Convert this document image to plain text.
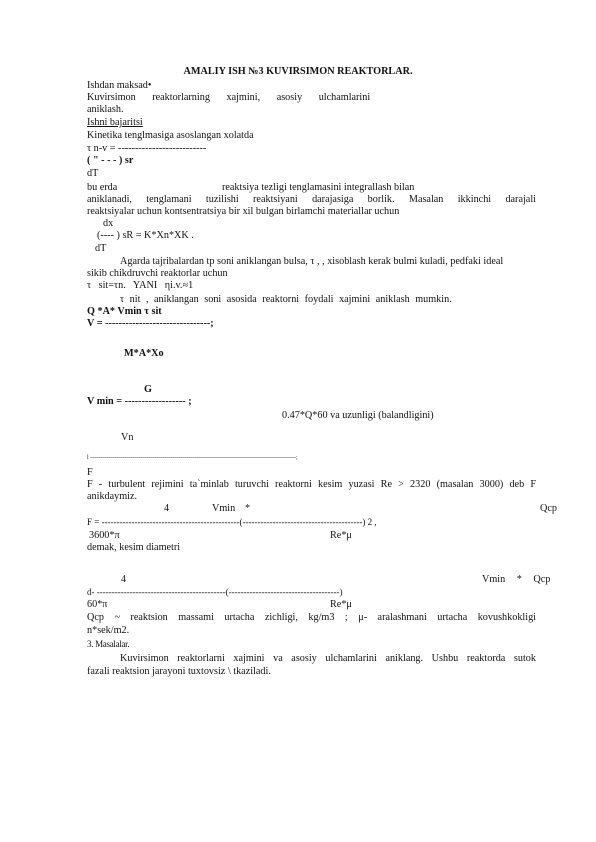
AMALIY ISH №3 KUVIRSIMON REAKTORLAR.
Ishdan maksad•
Kuvirsimon reaktorlarning xajmini, asosiy ulchamlarini
aniklash.
Ishni bajaritsi
Kinetika tenglmasiga asoslangan xolatda
τ n-v = --------------------------
( " - - - ) sr
dT
bu erda	reaktsiya tezligi tenglamasini integrallash bilan
aniklanadi, tenglamani tuzilishi reaktsiyani darajasiga borlik. Masalan ikkinchi darajali
reaktsiyalar uchun kontsentratsiya bir xil bulgan birlamchi materiallar uchun
dx
(---- ) sR = K*Xn*XK .
dT
Agarda tajribalardan tp soni aniklangan bulsa, τ , , xisoblash kerak bulmi kuladi, pedfaki ideal
sikib chikdruvchi reaktorlar uchun
τ sit=τn. YANI ηi.v.≈1
τ nit , aniklangan soni asosida reaktorni foydali xajmini aniklash mumkin.
Q *A* Vmin τ sit
V = -------------------------------;
M*A*Xo
G
V min = ------------------ ;
0.47*Q*60 va uzunligi (balandligini)
Vn
l -------------------------------------------------------------------------------------------------------;
F
F - turbulent rejimini ta`minlab turuvchi reaktorni kesim yuzasi Re > 2320 (masalan 3000) deb F
anikdaymiz.
4	Vmin *	Qcp
F = ----------------------------------------------(----------------------------------------) 2 ,
3600*π	Re*μ
demak, kesim diametri
4	Vmin * Qcp
d- -------------------------------------------(-------------------------------------)
60*π	Re*μ
Qcp ~ reaktsion massami urtacha zichligi, kg/m3 ; μ- aralashmani urtacha kovushkokligi
n*sek/m2.
3. Masalalar.
Kuvirsimon reaktorlarni xajmini va asosiy ulchamlarini aniklang. Ushbu reaktorda sutok
fazali reaktsion jarayoni tuxtovsiz \ tkaziladi.
